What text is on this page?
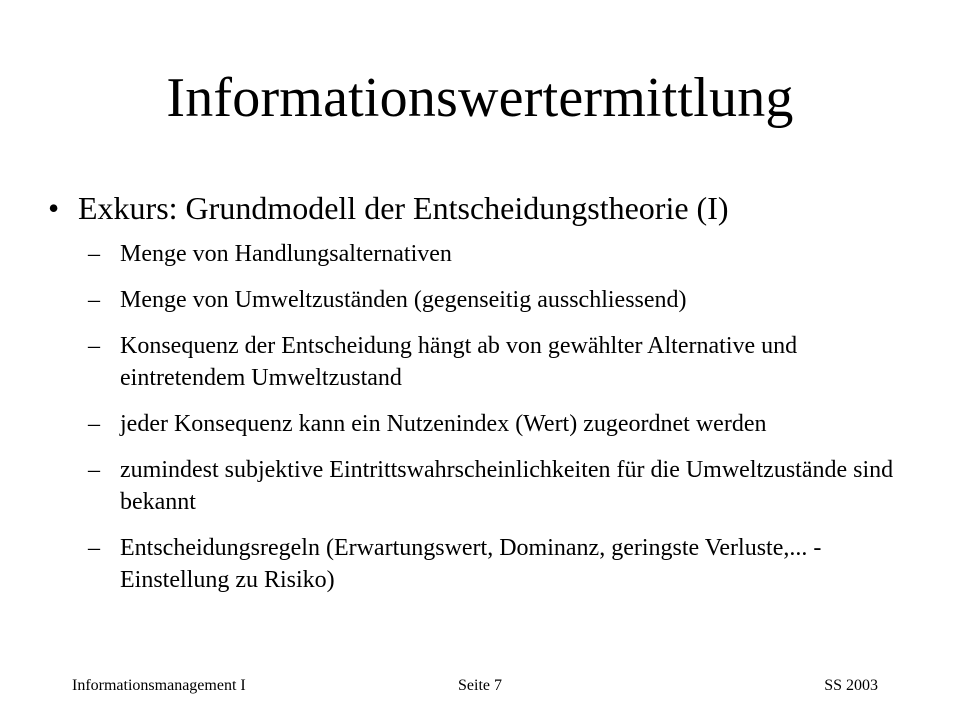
Informationswertermittlung
• Exkurs: Grundmodell der Entscheidungstheorie (I)
– Menge von Handlungsalternativen
– Menge von Umweltzuständen (gegenseitig ausschliessend)
– Konsequenz der Entscheidung hängt ab von gewählter Alternative und eintretendem Umweltzustand
– jeder Konsequenz kann ein Nutzenindex (Wert) zugeordnet werden
– zumindest subjektive Eintrittswahrscheinlichkeiten für die Umweltzustände sind bekannt
– Entscheidungsregeln (Erwartungswert, Dominanz, geringste Verluste,... - Einstellung zu Risiko)
Informationsmanagement I	Seite 7	SS 2003
